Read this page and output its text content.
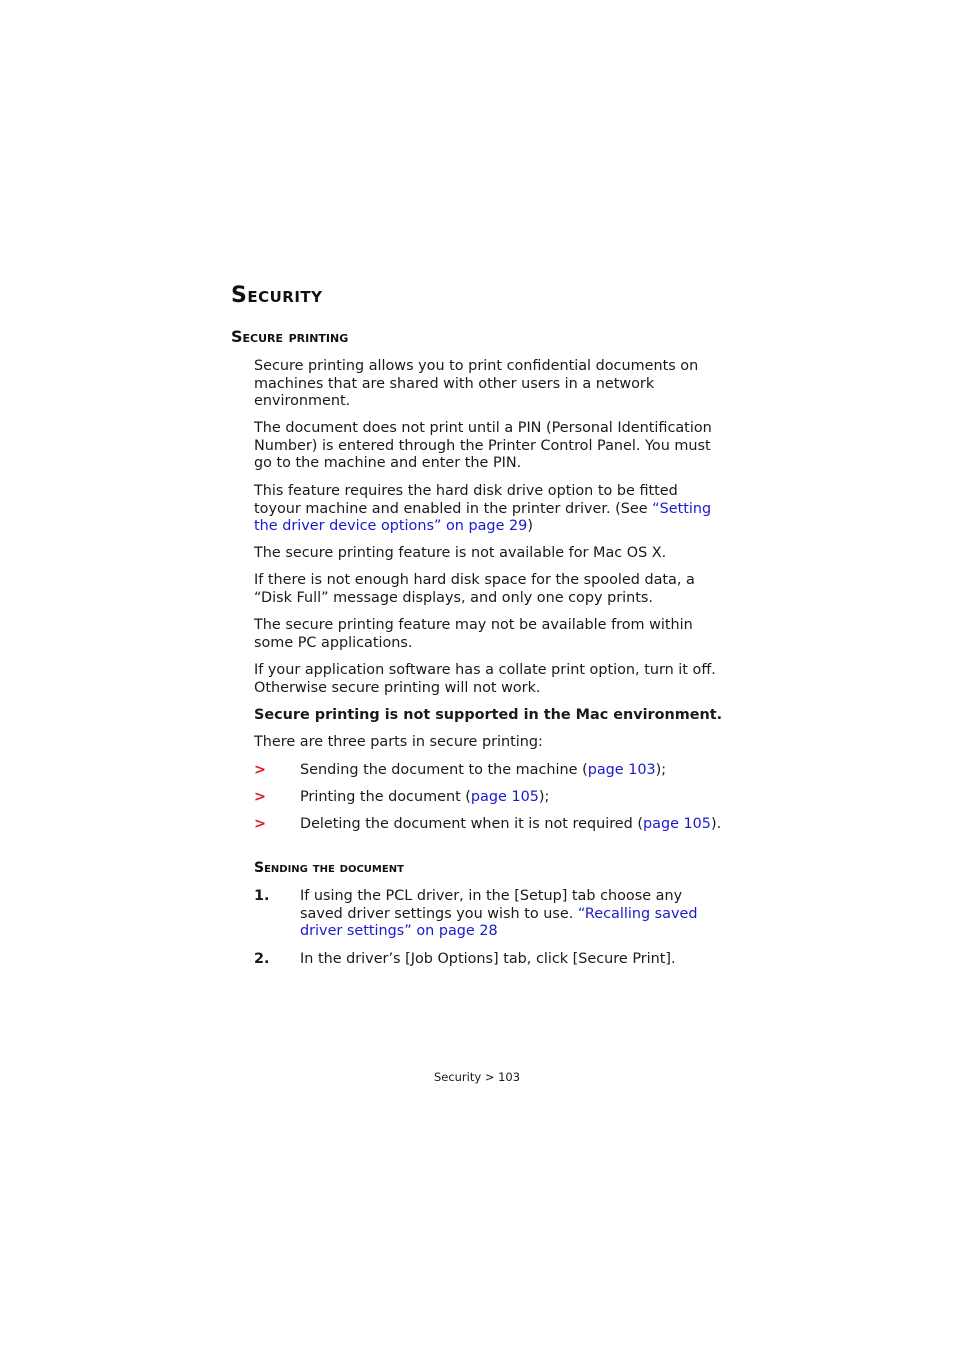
Security
Secure printing

Secure printing allows you to print confidential documents on machines that are shared with other users in a network environment.

The document does not print until a PIN (Personal Identification Number) is entered through the Printer Control Panel. You must go to the machine and enter the PIN.

This feature requires the hard disk drive option to be fitted toyour machine and enabled in the printer driver. (See “Setting the driver device options” on page 29)

The secure printing feature is not available for Mac OS X.

If there is not enough hard disk space for the spooled data, a “Disk Full” message displays, and only one copy prints.

The secure printing feature may not be available from within some PC applications.

If your application software has a collate print option, turn it off. Otherwise secure printing will not work.

Secure printing is not supported in the Mac environment.

There are three parts in secure printing:

> Sending the document to the machine (page 103);
> Printing the document (page 105);
> Deleting the document when it is not required (page 105).
Sending the document
1. If using the PCL driver, in the [Setup] tab choose any saved driver settings you wish to use. “Recalling saved driver settings” on page 28
2. In the driver’s [Job Options] tab, click [Secure Print].
Security > 103
